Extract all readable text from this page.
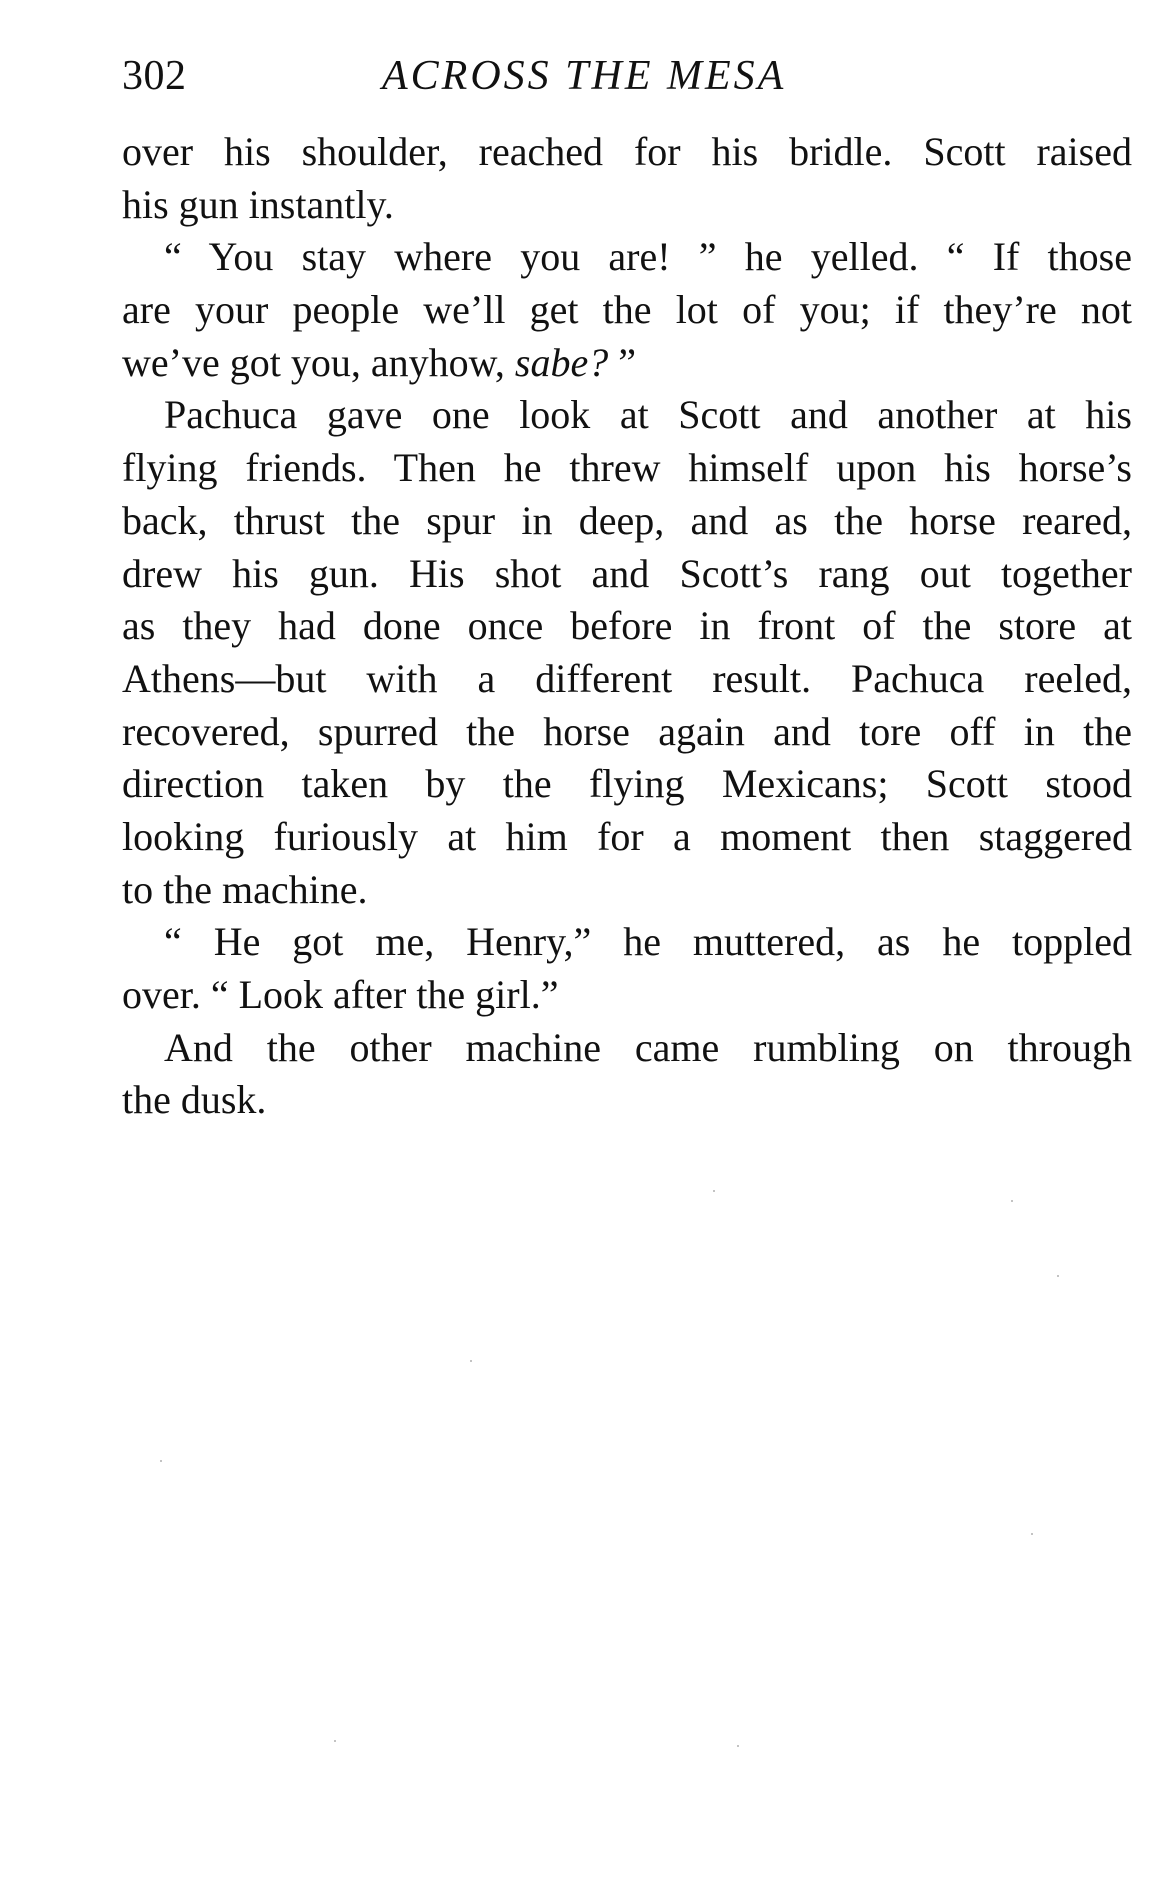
302	ACROSS THE MESA
over his shoulder, reached for his bridle. Scott raised
his gun instantly.
“ You stay where you are! ” he yelled. “ If those
are your people we’ll get the lot of you; if they’re not
we’ve got you, anyhow, sabe? ”
Pachuca gave one look at Scott and another at his
flying friends. Then he threw himself upon his horse’s
back, thrust the spur in deep, and as the horse reared,
drew his gun. His shot and Scott’s rang out together
as they had done once before in front of the store at
Athens—but with a different result. Pachuca reeled,
recovered, spurred the horse again and tore off in the
direction taken by the flying Mexicans; Scott stood
looking furiously at him for a moment then staggered
to the machine.
“ He got me, Henry,” he muttered, as he toppled
over. “ Look after the girl.”
And the other machine came rumbling on through
the dusk.
